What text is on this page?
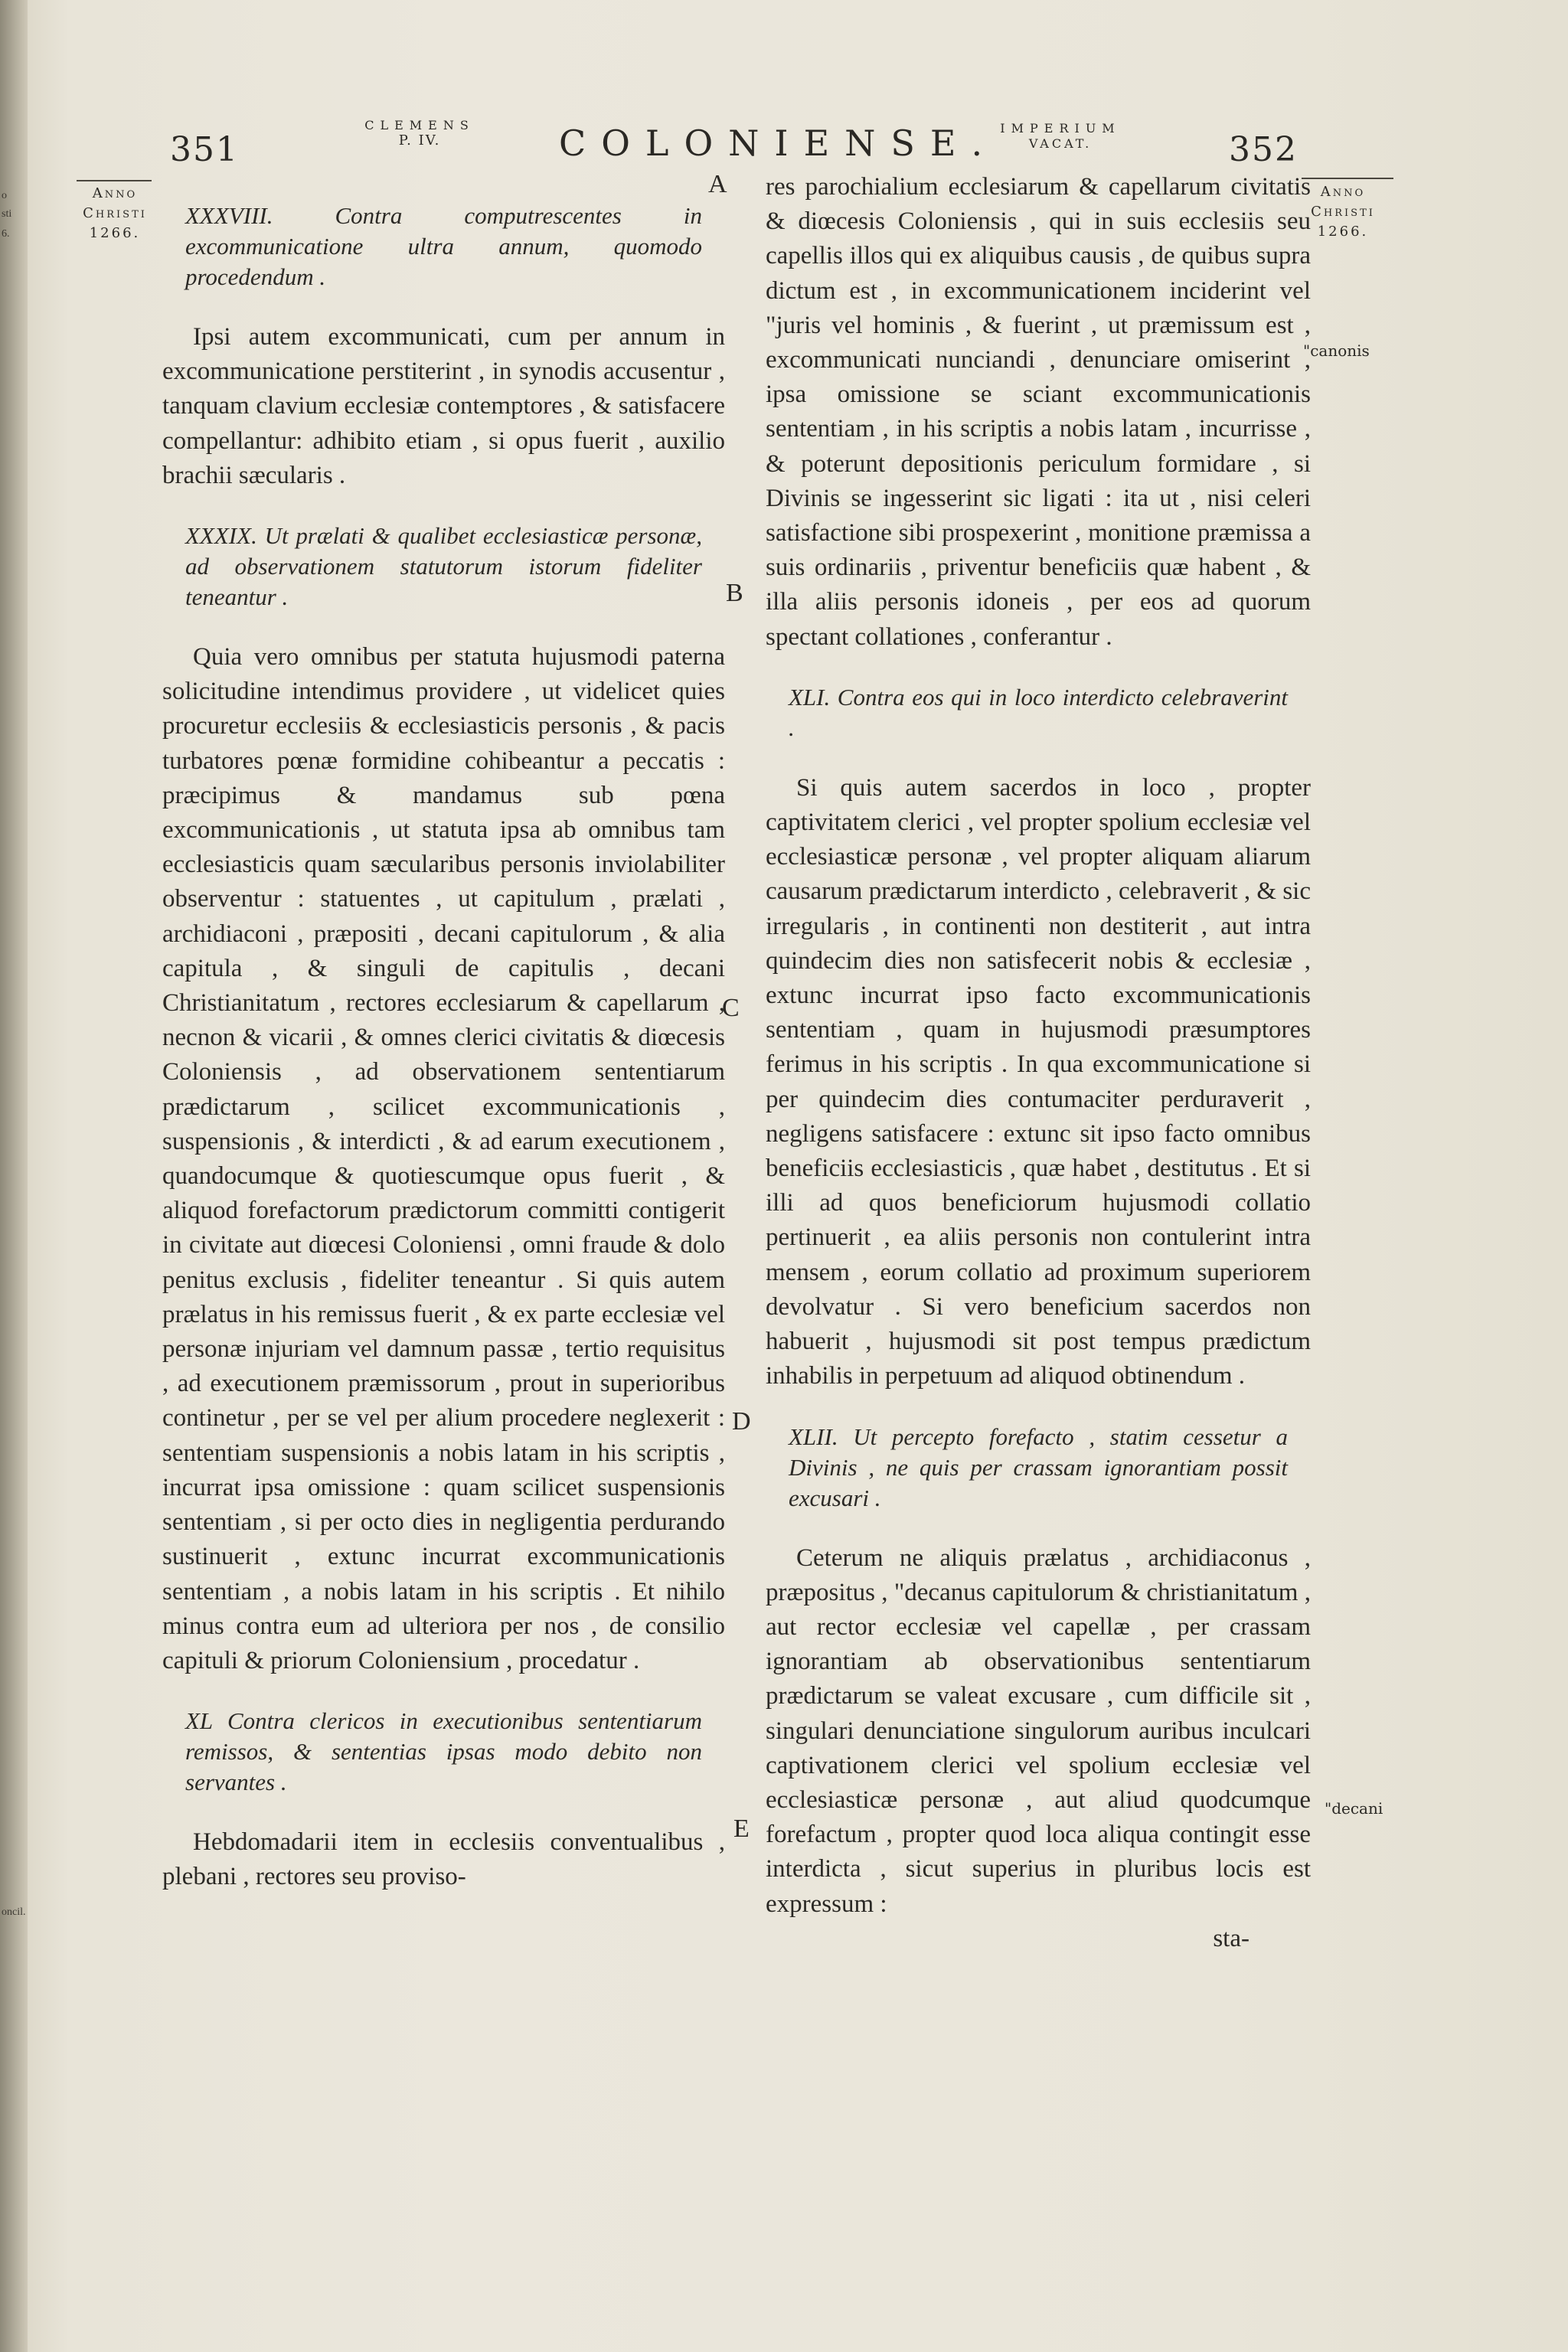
o
sti
6.
oncil.
351
CLEMENS
P. IV.	COLONIENSE. IMPERIUM
VACAT.	352
Anno
Christi
1266.
Anno
Christi
1266.
"canonis
"decani
A
B
C
D
E

XXXVIII. Contra computrescentes in excommunicatione ultra annum, quomodo procedendum .

Ipsi autem excommunicati, cum per annum in excommunicatione perstiterint , in synodis accusentur , tanquam clavium ecclesiæ contemptores , & satisfacere compellantur: adhibito etiam , si opus fuerit , auxilio brachii sæcularis .

XXXIX. Ut prælati & qualibet ecclesiasticæ personæ, ad observationem statutorum istorum fideliter teneantur .

Quia vero omnibus per statuta hujusmodi paterna solicitudine intendimus providere , ut videlicet quies procuretur ecclesiis & ecclesiasticis personis , & pacis turbatores pœnæ formidine cohibeantur a peccatis : præcipimus & mandamus sub pœna excommunicationis , ut statuta ipsa ab omnibus tam ecclesiasticis quam sæcularibus personis inviolabiliter observentur : statuentes , ut capitulum , prælati , archidiaconi , præpositi , decani capitulorum , & alia capitula , & singuli de capitulis , decani Christianitatum , rectores ecclesiarum & capellarum , necnon & vicarii , & omnes clerici civitatis & diœcesis Coloniensis , ad observationem sententiarum prædictarum , scilicet excommunicationis , suspensionis , & interdicti , & ad earum executionem , quandocumque & quotiescumque opus fuerit , & aliquod forefactorum prædictorum committi contigerit in civitate aut diœcesi Coloniensi , omni fraude & dolo penitus exclusis , fideliter teneantur . Si quis autem prælatus in his remissus fuerit , & ex parte ecclesiæ vel personæ injuriam vel damnum passæ , tertio requisitus , ad executionem præmissorum , prout in superioribus continetur , per se vel per alium procedere neglexerit : sententiam suspensionis a nobis latam in his scriptis , incurrat ipsa omissione : quam scilicet suspensionis sententiam , si per octo dies in negligentia perdurando sustinuerit , extunc incurrat excommunicationis sententiam , a nobis latam in his scriptis . Et nihilo minus contra eum ad ulteriora per nos , de consilio capituli & priorum Coloniensium , procedatur .

XL Contra clericos in executionibus sententiarum remissos, & sententias ipsas modo debito non servantes .

Hebdomadarii item in ecclesiis conventualibus , plebani , rectores seu proviso-

res parochialium ecclesiarum & capellarum civitatis & diœcesis Coloniensis , qui in suis ecclesiis seu capellis illos qui ex aliquibus causis , de quibus supra dictum est , in excommunicationem inciderint vel "juris vel hominis , & fuerint , ut præmissum est , excommunicati nunciandi , denunciare omiserint , ipsa omissione se sciant excommunicationis sententiam , in his scriptis a nobis latam , incurrisse , & poterunt depositionis periculum formidare , si Divinis se ingesserint sic ligati : ita ut , nisi celeri satisfactione sibi prospexerint , monitione præmissa a suis ordinariis , priventur beneficiis quæ habent , & illa aliis personis idoneis , per eos ad quorum spectant collationes , conferantur .

XLI. Contra eos qui in loco interdicto celebraverint .

Si quis autem sacerdos in loco , propter captivitatem clerici , vel propter spolium ecclesiæ vel ecclesiasticæ personæ , vel propter aliquam aliarum causarum prædictarum interdicto , celebraverit , & sic irregularis , in continenti non destiterit , aut intra quindecim dies non satisfecerit nobis & ecclesiæ , extunc incurrat ipso facto excommunicationis sententiam , quam in hujusmodi præsumptores ferimus in his scriptis . In qua excommunicatione si per quindecim dies contumaciter perduraverit , negligens satisfacere : extunc sit ipso facto omnibus beneficiis ecclesiasticis , quæ habet , destitutus . Et si illi ad quos beneficiorum hujusmodi collatio pertinuerit , ea aliis personis non contulerint intra mensem , eorum collatio ad proximum superiorem devolvatur . Si vero beneficium sacerdos non habuerit , hujusmodi sit post tempus prædictum inhabilis in perpetuum ad aliquod obtinendum .

XLII. Ut percepto forefacto , statim cessetur a Divinis , ne quis per crassam ignorantiam possit excusari .

Ceterum ne aliquis prælatus , archidiaconus , præpositus , "decanus capitulorum & christianitatum , aut rector ecclesiæ vel capellæ , per crassam ignorantiam ab observationibus sententiarum prædictarum se valeat excusare , cum difficile sit , singulari denunciatione singulorum auribus inculcari captivationem clerici vel spolium ecclesiæ vel ecclesiasticæ personæ , aut aliud quodcumque forefactum , propter quod loca aliqua contingit esse interdicta , sicut superius in pluribus locis est expressum :

sta-
